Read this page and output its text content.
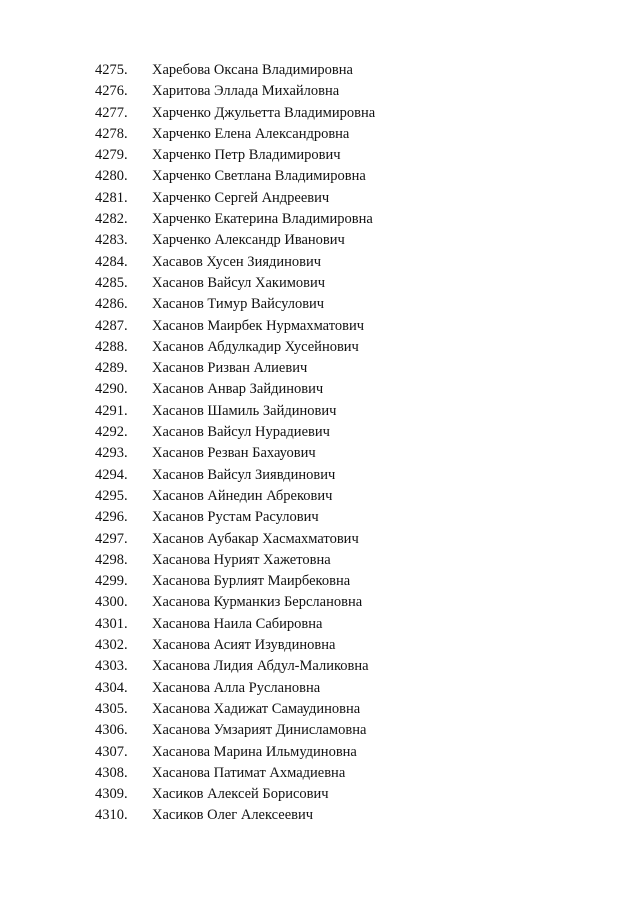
4275. Харебова Оксана Владимировна
4276. Харитова Эллада Михайловна
4277. Харченко Джульетта Владимировна
4278. Харченко Елена Александровна
4279. Харченко Петр Владимирович
4280. Харченко Светлана Владимировна
4281. Харченко Сергей Андреевич
4282. Харченко Екатерина Владимировна
4283. Харченко Александр Иванович
4284. Хасавов Хусен Зиядинович
4285. Хасанов Вайсул Хакимович
4286. Хасанов Тимур Вайсулович
4287. Хасанов Маирбек Нурмахматович
4288. Хасанов Абдулкадир Хусейнович
4289. Хасанов Ризван Алиевич
4290. Хасанов Анвар Зайдинович
4291. Хасанов Шамиль Зайдинович
4292. Хасанов Вайсул Нурадиевич
4293. Хасанов Резван Бахауович
4294. Хасанов Вайсул Зиявдинович
4295. Хасанов Айнедин Абрекович
4296. Хасанов Рустам Расулович
4297. Хасанов Аубакар Хасмахматович
4298. Хасанова Нурият Хажетовна
4299. Хасанова Бурлият Маирбековна
4300. Хасанова Курманкиз Берслановна
4301. Хасанова Наила Сабировна
4302. Хасанова Асият Изувдиновна
4303. Хасанова Лидия Абдул-Маликовна
4304. Хасанова Алла Руслановна
4305. Хасанова Хадижат Самаудиновна
4306. Хасанова Умзарият Динисламовна
4307. Хасанова Марина Ильмудиновна
4308. Хасанова Патимат Ахмадиевна
4309. Хасиков Алексей Борисович
4310. Хасиков Олег Алексеевич
